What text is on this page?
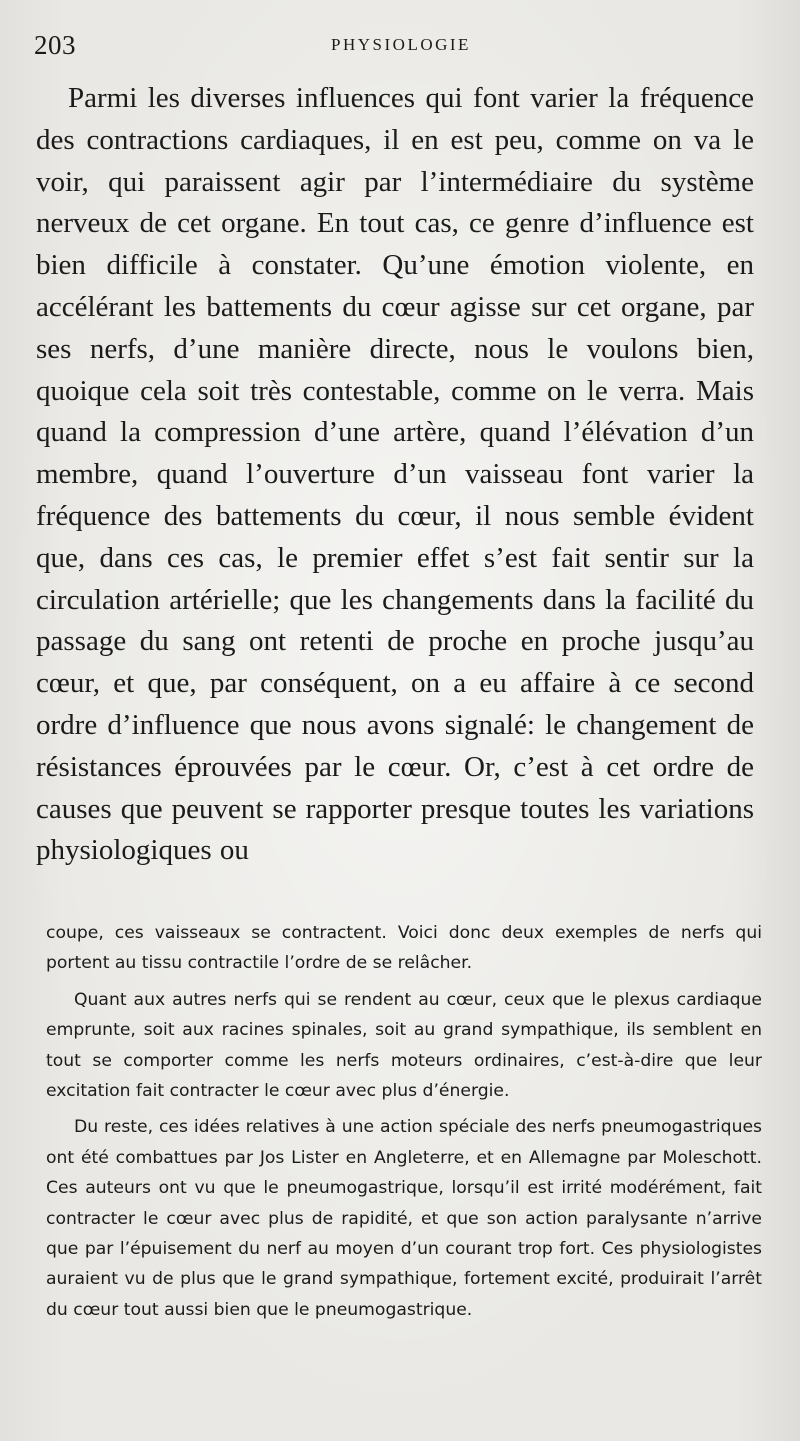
203	PHYSIOLOGIE

Parmi les diverses influences qui font varier la fréquence des contractions cardiaques, il en est peu, comme on va le voir, qui paraissent agir par l’intermédiaire du système nerveux de cet organe. En tout cas, ce genre d’influence est bien difficile à constater. Qu’une émotion violente, en accélérant les battements du cœur agisse sur cet organe, par ses nerfs, d’une manière directe, nous le voulons bien, quoique cela soit très contestable, comme on le verra. Mais quand la compression d’une artère, quand l’élévation d’un membre, quand l’ouverture d’un vaisseau font varier la fréquence des battements du cœur, il nous semble évident que, dans ces cas, le premier effet s’est fait sentir sur la circulation artérielle; que les changements dans la facilité du passage du sang ont retenti de proche en proche jusqu’au cœur, et que, par conséquent, on a eu affaire à ce second ordre d’influence que nous avons signalé: le changement de résistances éprouvées par le cœur. Or, c’est à cet ordre de causes que peuvent se rapporter presque toutes les variations physiologiques ou

coupe, ces vaisseaux se contractent. Voici donc deux exemples de nerfs qui portent au tissu contractile l’ordre de se relâcher.

Quant aux autres nerfs qui se rendent au cœur, ceux que le plexus cardiaque emprunte, soit aux racines spinales, soit au grand sympathique, ils semblent en tout se comporter comme les nerfs moteurs ordinaires, c’est-à-dire que leur excitation fait contracter le cœur avec plus d’énergie.

Du reste, ces idées relatives à une action spéciale des nerfs pneumogastriques ont été combattues par Jos Lister en Angleterre, et en Allemagne par Moleschott. Ces auteurs ont vu que le pneumogastrique, lorsqu’il est irrité modérément, fait contracter le cœur avec plus de rapidité, et que son action paralysante n’arrive que par l’épuisement du nerf au moyen d’un courant trop fort. Ces physiologistes auraient vu de plus que le grand sympathique, fortement excité, produirait l’arrêt du cœur tout aussi bien que le pneumogastrique.
